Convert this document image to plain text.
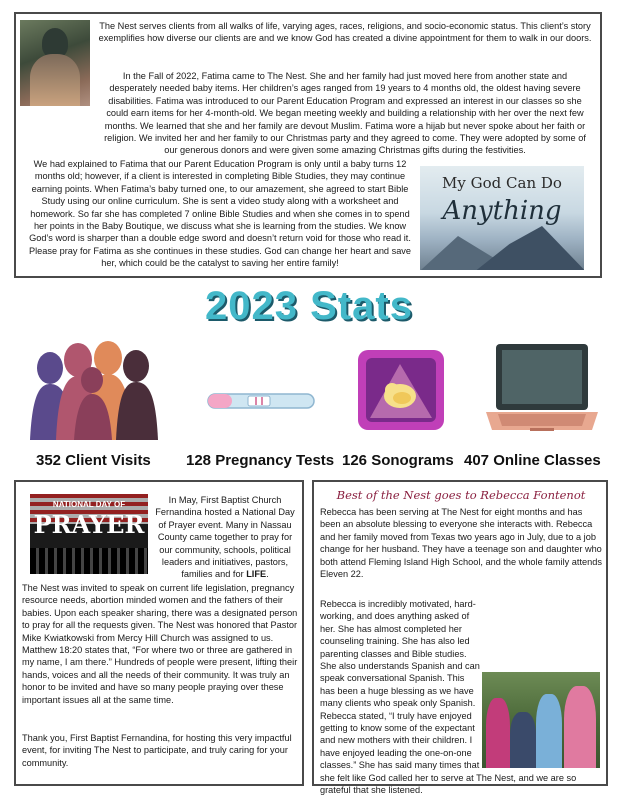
The Nest serves clients from all walks of life, varying ages, races, religions, and socio-economic status. This client’s story exemplifies how diverse our clients are and we know God has created a divine appointment for them to walk in our doors.

In the Fall of 2022, Fatima came to The Nest. She and her family had just moved here from another state and desperately needed baby items. Her children’s ages ranged from 19 years to 4 months old, the oldest having severe disabilities. Fatima was introduced to our Parent Education Program and expressed an interest in our classes so she could earn items for her 4-month-old. We began meeting weekly and building a relationship with her over the next few months. We learned that she and her family are devout Muslim. Fatima wore a hijab but never spoke about her faith or religion. We invited her and her family to our Christmas party and they agreed to come. They were adopted by some of our generous donors and were given some amazing Christmas gifts during the festivities.

We had explained to Fatima that our Parent Education Program is only until a baby turns 12 months old; however, if a client is interested in completing Bible Studies, they may continue earning points. When Fatima’s baby turned one, to our amazement, she agreed to start Bible Study using our online curriculum. She is sent a video study along with a worksheet and homework. So far she has completed 7 online Bible Studies and when she comes in to spend her points in the Baby Boutique, we discuss what she is learning from the studies. We know God’s word is sharper than a double edge sword and doesn’t return void for those who read it. Please pray for Fatima as she continues in these studies. God can change her heart and save her, which could be the catalyst to saving her entire family!

My God Can Do
Anything
2023 Stats
352 Client Visits 128 Pregnancy Tests 126 Sonograms 407 Online Classes
NATIONAL DAY OF
PRAYER

In May, First Baptist Church Fernandina hosted a National Day of Prayer event. Many in Nassau County came together to pray for our community, schools, political leaders and initiatives, pastors, families and for LIFE.

The Nest was invited to speak on current life legislation, pregnancy resource needs, abortion minded women and the fathers of their babies. Upon each speaker sharing, there was a designated person to pray for all the requests given. The Nest was honored that Pastor Mike Kwiatkowski from Mercy Hill Church was assigned to us. Matthew 18:20 states that, “For where two or three are gathered in my name, I am there.” Hundreds of people were present, lifting their hands, voices and all the needs of their community. It was truly an honor to be invited and have so many people praying over these important issues all at the same time.

Thank you, First Baptist Fernandina, for hosting this very impactful event, for inviting The Nest to participate, and truly caring for your community.

Best of the Nest goes to Rebecca Fontenot

Rebecca has been serving at The Nest for eight months and has been an absolute blessing to everyone she interacts with. Rebecca and her family moved from Texas two years ago in July, due to a job change for her husband. They have a teenage son and daughter who both attend Fleming Island High School, and the whole family attends Eleven 22.

Rebecca is incredibly motivated, hard-working, and does anything asked of her. She has almost completed her counseling training. She has also led parenting classes and Bible studies. She also understands Spanish and can speak conversational Spanish. This has been a huge blessing as we have many clients who speak only Spanish. Rebecca stated, “I truly have enjoyed getting to know some of the expectant and new mothers with their children. I have enjoyed leading the one-on-one classes.” She has said many times that she felt like God called her to serve at The Nest, and we are so grateful that she listened.
